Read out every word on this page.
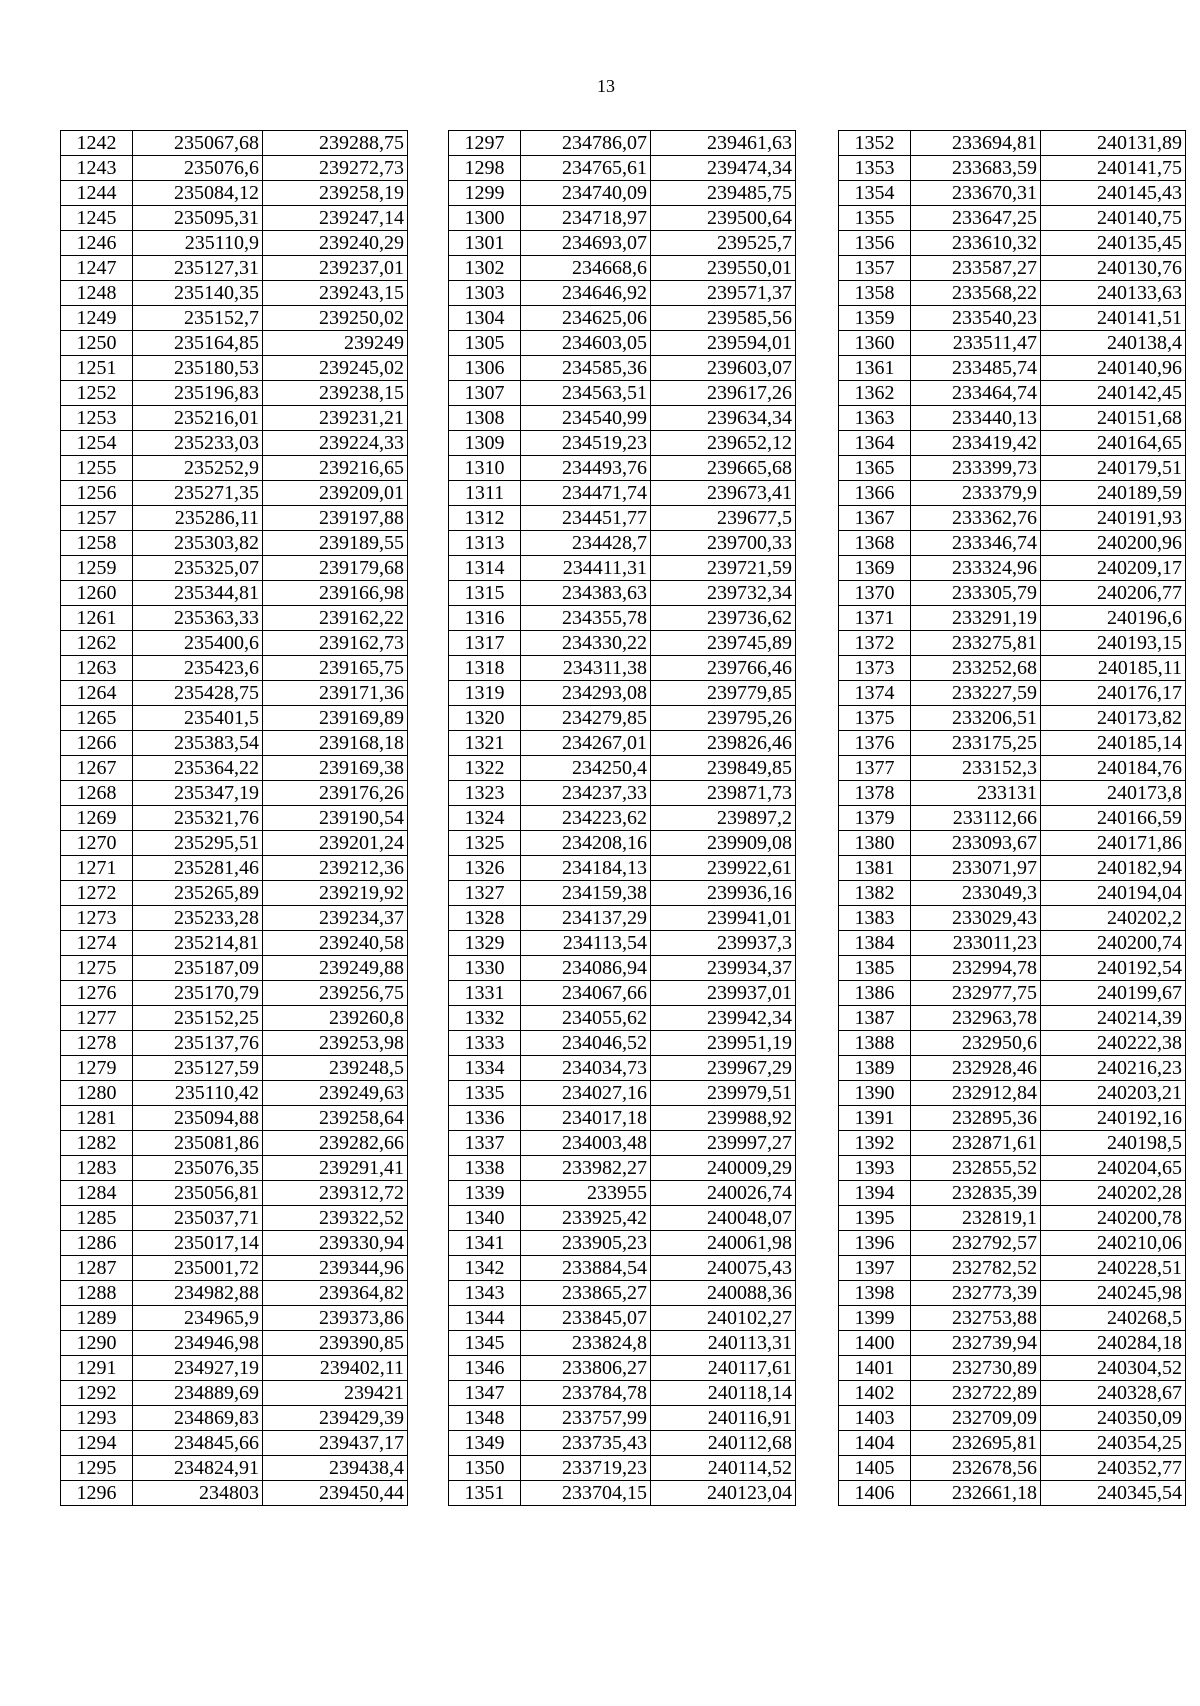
13
1242	235067,68	239288,75
1243	235076,6	239272,73
1244	235084,12	239258,19
1245	235095,31	239247,14
1246	235110,9	239240,29
1247	235127,31	239237,01
1248	235140,35	239243,15
1249	235152,7	239250,02
1250	235164,85	239249
1251	235180,53	239245,02
1252	235196,83	239238,15
1253	235216,01	239231,21
1254	235233,03	239224,33
1255	235252,9	239216,65
1256	235271,35	239209,01
1257	235286,11	239197,88
1258	235303,82	239189,55
1259	235325,07	239179,68
1260	235344,81	239166,98
1261	235363,33	239162,22
1262	235400,6	239162,73
1263	235423,6	239165,75
1264	235428,75	239171,36
1265	235401,5	239169,89
1266	235383,54	239168,18
1267	235364,22	239169,38
1268	235347,19	239176,26
1269	235321,76	239190,54
1270	235295,51	239201,24
1271	235281,46	239212,36
1272	235265,89	239219,92
1273	235233,28	239234,37
1274	235214,81	239240,58
1275	235187,09	239249,88
1276	235170,79	239256,75
1277	235152,25	239260,8
1278	235137,76	239253,98
1279	235127,59	239248,5
1280	235110,42	239249,63
1281	235094,88	239258,64
1282	235081,86	239282,66
1283	235076,35	239291,41
1284	235056,81	239312,72
1285	235037,71	239322,52
1286	235017,14	239330,94
1287	235001,72	239344,96
1288	234982,88	239364,82
1289	234965,9	239373,86
1290	234946,98	239390,85
1291	234927,19	239402,11
1292	234889,69	239421
1293	234869,83	239429,39
1294	234845,66	239437,17
1295	234824,91	239438,4
1296	234803	239450,44
1297	234786,07	239461,63
1298	234765,61	239474,34
1299	234740,09	239485,75
1300	234718,97	239500,64
1301	234693,07	239525,7
1302	234668,6	239550,01
1303	234646,92	239571,37
1304	234625,06	239585,56
1305	234603,05	239594,01
1306	234585,36	239603,07
1307	234563,51	239617,26
1308	234540,99	239634,34
1309	234519,23	239652,12
1310	234493,76	239665,68
1311	234471,74	239673,41
1312	234451,77	239677,5
1313	234428,7	239700,33
1314	234411,31	239721,59
1315	234383,63	239732,34
1316	234355,78	239736,62
1317	234330,22	239745,89
1318	234311,38	239766,46
1319	234293,08	239779,85
1320	234279,85	239795,26
1321	234267,01	239826,46
1322	234250,4	239849,85
1323	234237,33	239871,73
1324	234223,62	239897,2
1325	234208,16	239909,08
1326	234184,13	239922,61
1327	234159,38	239936,16
1328	234137,29	239941,01
1329	234113,54	239937,3
1330	234086,94	239934,37
1331	234067,66	239937,01
1332	234055,62	239942,34
1333	234046,52	239951,19
1334	234034,73	239967,29
1335	234027,16	239979,51
1336	234017,18	239988,92
1337	234003,48	239997,27
1338	233982,27	240009,29
1339	233955	240026,74
1340	233925,42	240048,07
1341	233905,23	240061,98
1342	233884,54	240075,43
1343	233865,27	240088,36
1344	233845,07	240102,27
1345	233824,8	240113,31
1346	233806,27	240117,61
1347	233784,78	240118,14
1348	233757,99	240116,91
1349	233735,43	240112,68
1350	233719,23	240114,52
1351	233704,15	240123,04
1352	233694,81	240131,89
1353	233683,59	240141,75
1354	233670,31	240145,43
1355	233647,25	240140,75
1356	233610,32	240135,45
1357	233587,27	240130,76
1358	233568,22	240133,63
1359	233540,23	240141,51
1360	233511,47	240138,4
1361	233485,74	240140,96
1362	233464,74	240142,45
1363	233440,13	240151,68
1364	233419,42	240164,65
1365	233399,73	240179,51
1366	233379,9	240189,59
1367	233362,76	240191,93
1368	233346,74	240200,96
1369	233324,96	240209,17
1370	233305,79	240206,77
1371	233291,19	240196,6
1372	233275,81	240193,15
1373	233252,68	240185,11
1374	233227,59	240176,17
1375	233206,51	240173,82
1376	233175,25	240185,14
1377	233152,3	240184,76
1378	233131	240173,8
1379	233112,66	240166,59
1380	233093,67	240171,86
1381	233071,97	240182,94
1382	233049,3	240194,04
1383	233029,43	240202,2
1384	233011,23	240200,74
1385	232994,78	240192,54
1386	232977,75	240199,67
1387	232963,78	240214,39
1388	232950,6	240222,38
1389	232928,46	240216,23
1390	232912,84	240203,21
1391	232895,36	240192,16
1392	232871,61	240198,5
1393	232855,52	240204,65
1394	232835,39	240202,28
1395	232819,1	240200,78
1396	232792,57	240210,06
1397	232782,52	240228,51
1398	232773,39	240245,98
1399	232753,88	240268,5
1400	232739,94	240284,18
1401	232730,89	240304,52
1402	232722,89	240328,67
1403	232709,09	240350,09
1404	232695,81	240354,25
1405	232678,56	240352,77
1406	232661,18	240345,54
